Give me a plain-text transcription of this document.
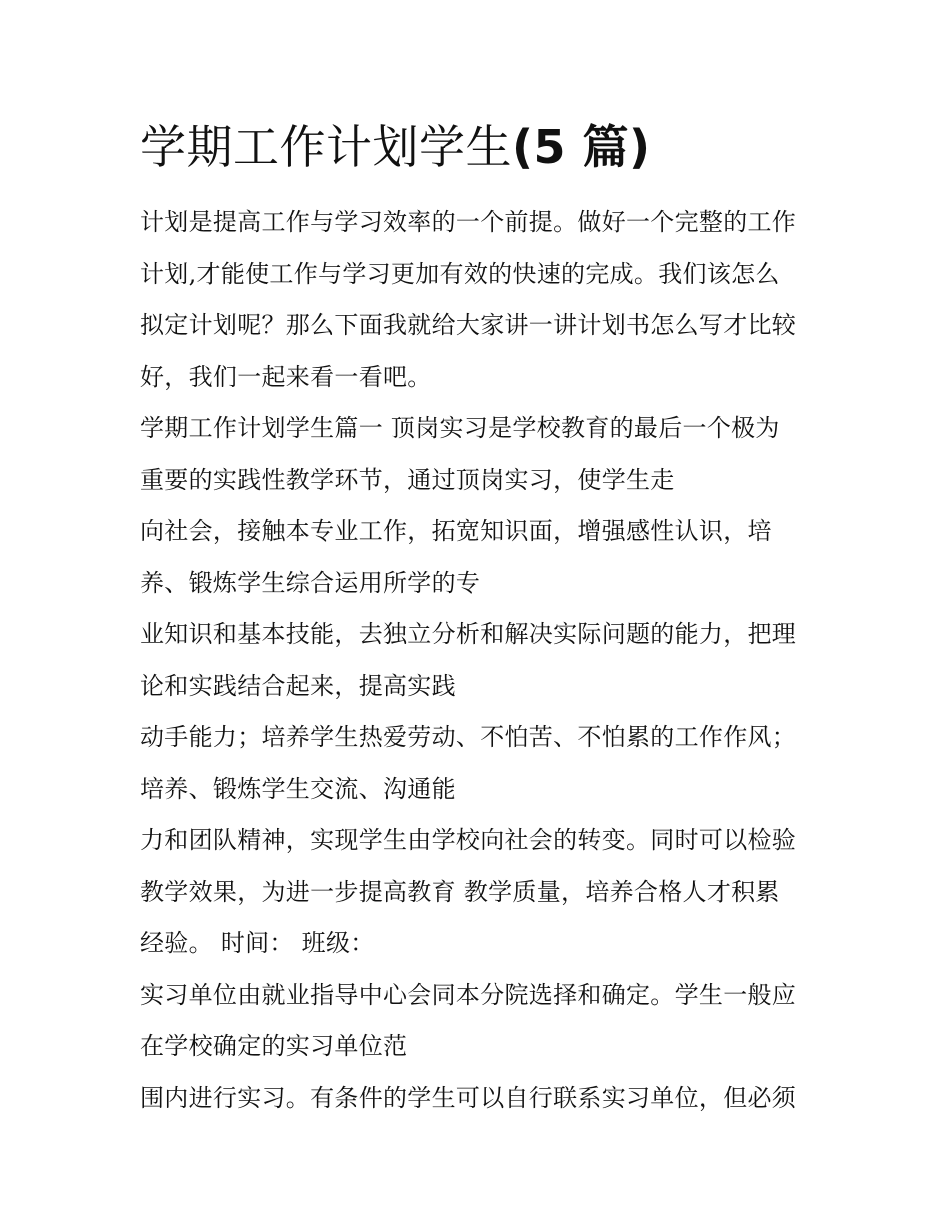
学期工作计划学生(5 篇)
计划是提高工作与学习效率的一个前提。做好一个完整的工作
计划,才能使工作与学习更加有效的快速的完成。我们该怎么
拟定计划呢？那么下面我就给大家讲一讲计划书怎么写才比较
好，我们一起来看一看吧。
学期工作计划学生篇一 顶岗实习是学校教育的最后一个极为
重要的实践性教学环节，通过顶岗实习，使学生走
向社会，接触本专业工作，拓宽知识面，增强感性认识，培
养、锻炼学生综合运用所学的专
业知识和基本技能，去独立分析和解决实际问题的能力，把理
论和实践结合起来，提高实践
动手能力；培养学生热爱劳动、不怕苦、不怕累的工作作风；
培养、锻炼学生交流、沟通能
力和团队精神，实现学生由学校向社会的转变。同时可以检验
教学效果，为进一步提高教育 教学质量，培养合格人才积累
经验。 时间： 班级：
实习单位由就业指导中心会同本分院选择和确定。学生一般应
在学校确定的实习单位范
围内进行实习。有条件的学生可以自行联系实习单位，但必须
